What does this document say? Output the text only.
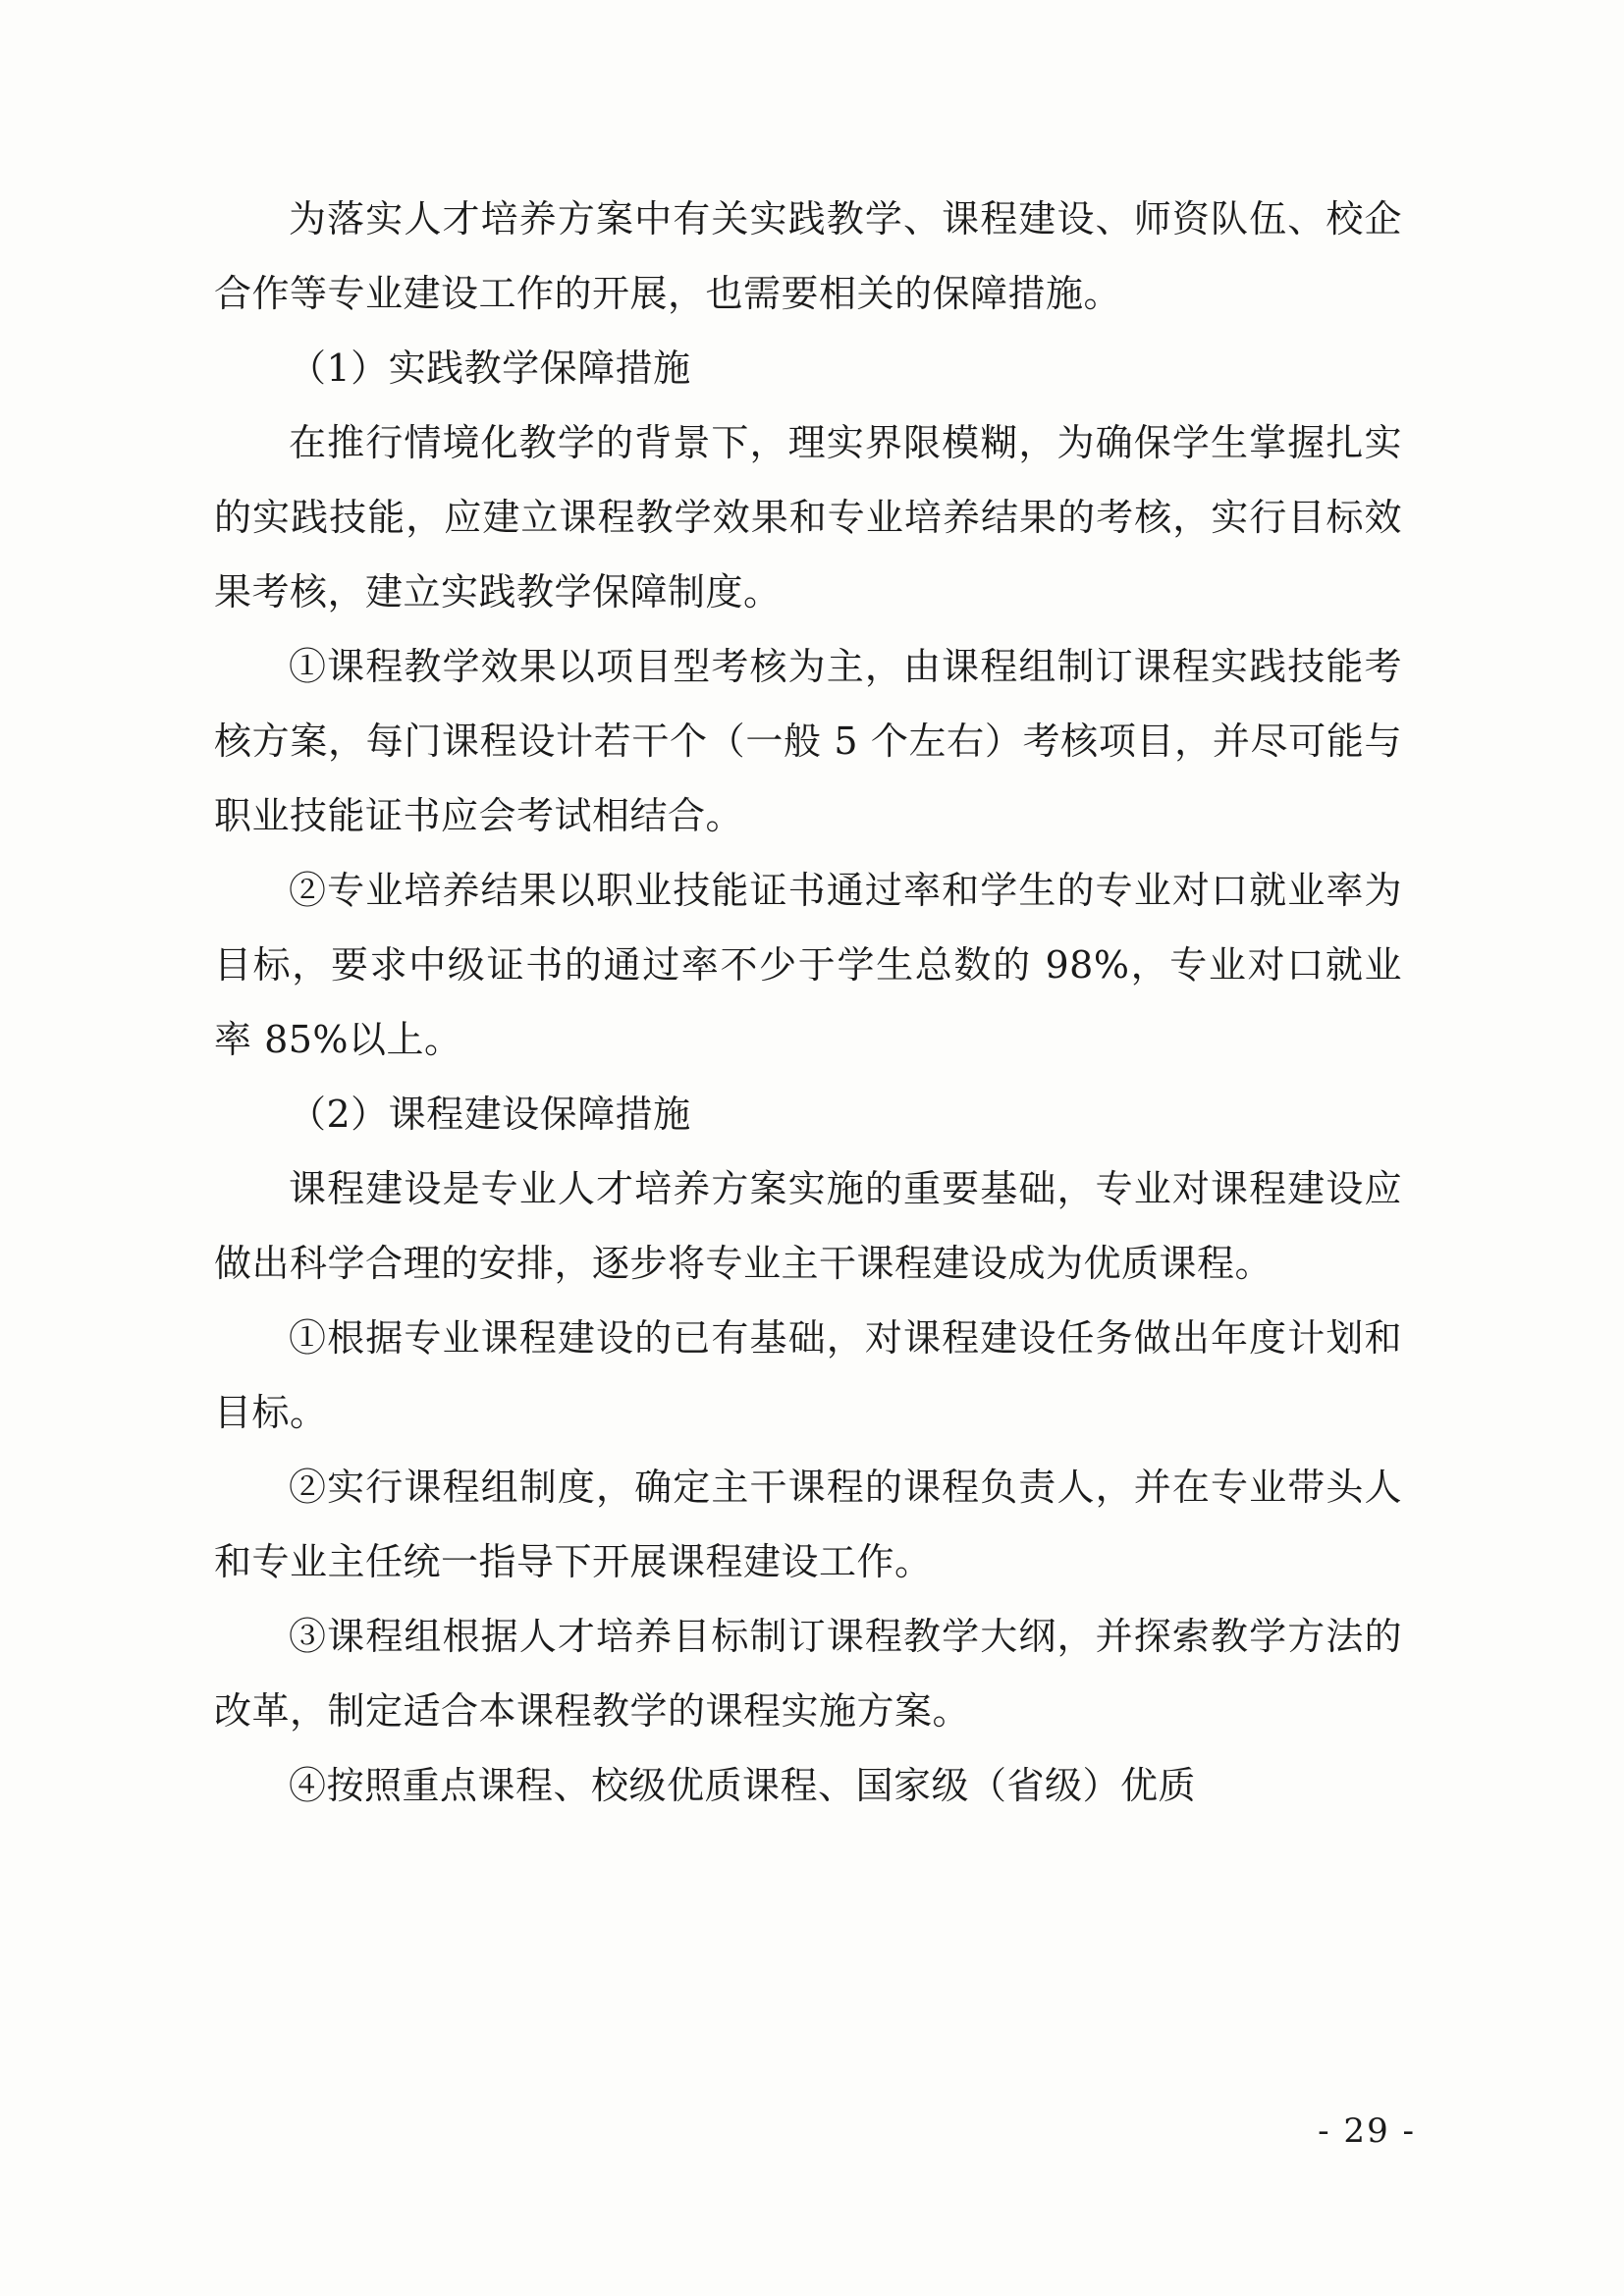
为落实人才培养方案中有关实践教学、课程建设、师资队伍、校企合作等专业建设工作的开展，也需要相关的保障措施。

（1）实践教学保障措施

在推行情境化教学的背景下，理实界限模糊，为确保学生掌握扎实的实践技能，应建立课程教学效果和专业培养结果的考核，实行目标效果考核，建立实践教学保障制度。

①课程教学效果以项目型考核为主，由课程组制订课程实践技能考核方案，每门课程设计若干个（一般 5 个左右）考核项目，并尽可能与职业技能证书应会考试相结合。

②专业培养结果以职业技能证书通过率和学生的专业对口就业率为目标，要求中级证书的通过率不少于学生总数的 98%，专业对口就业率 85%以上。

（2）课程建设保障措施

课程建设是专业人才培养方案实施的重要基础，专业对课程建设应做出科学合理的安排，逐步将专业主干课程建设成为优质课程。

①根据专业课程建设的已有基础，对课程建设任务做出年度计划和目标。

②实行课程组制度，确定主干课程的课程负责人，并在专业带头人和专业主任统一指导下开展课程建设工作。

③课程组根据人才培养目标制订课程教学大纲，并探索教学方法的改革，制定适合本课程教学的课程实施方案。

④按照重点课程、校级优质课程、国家级（省级）优质

- 29 -
